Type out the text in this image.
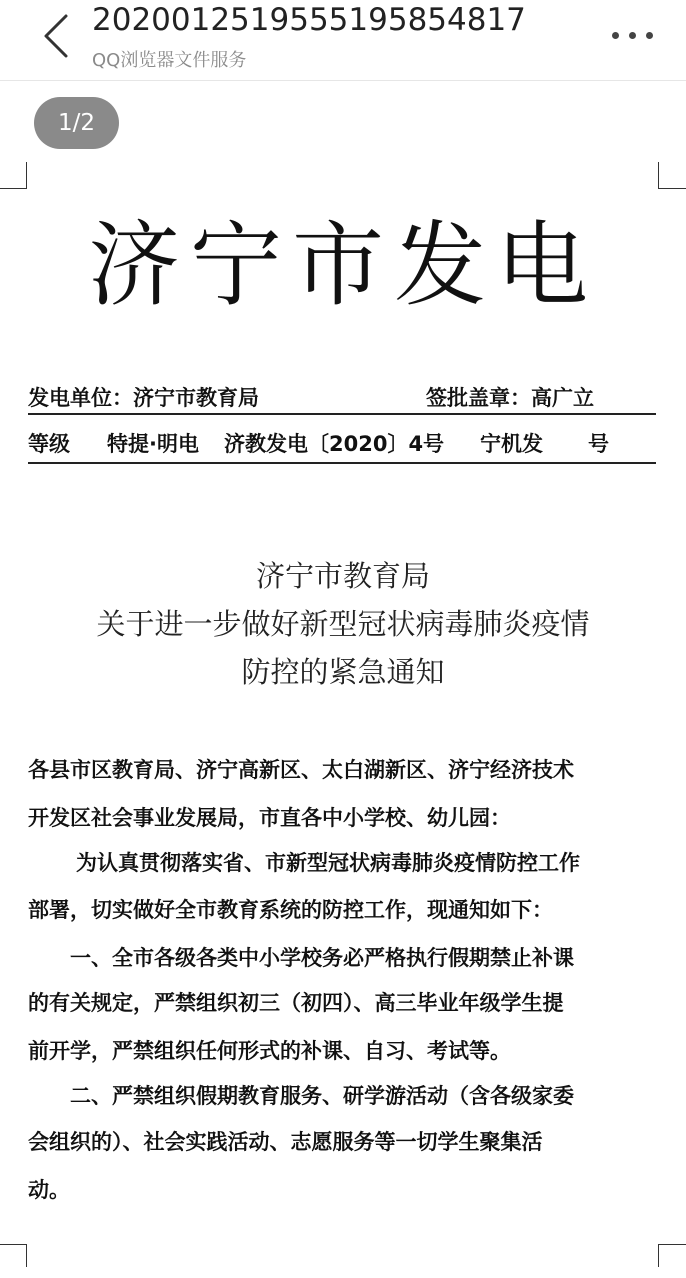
2020012519555195854817
QQ浏览器文件服务
1/2
济宁市发电
发电单位：济宁市教育局	签批盖章：高广立
等级 特提·明电 济教发电〔2020〕4号 宁机发 号
济宁市教育局
关于进一步做好新型冠状病毒肺炎疫情
防控的紧急通知
各县市区教育局、济宁高新区、太白湖新区、济宁经济技术
开发区社会事业发展局，市直各中小学校、幼儿园：
为认真贯彻落实省、市新型冠状病毒肺炎疫情防控工作
部署，切实做好全市教育系统的防控工作，现通知如下：
一、全市各级各类中小学校务必严格执行假期禁止补课
的有关规定，严禁组织初三（初四）、高三毕业年级学生提
前开学，严禁组织任何形式的补课、自习、考试等。
二、严禁组织假期教育服务、研学游活动（含各级家委
会组织的）、社会实践活动、志愿服务等一切学生聚集活
动。
